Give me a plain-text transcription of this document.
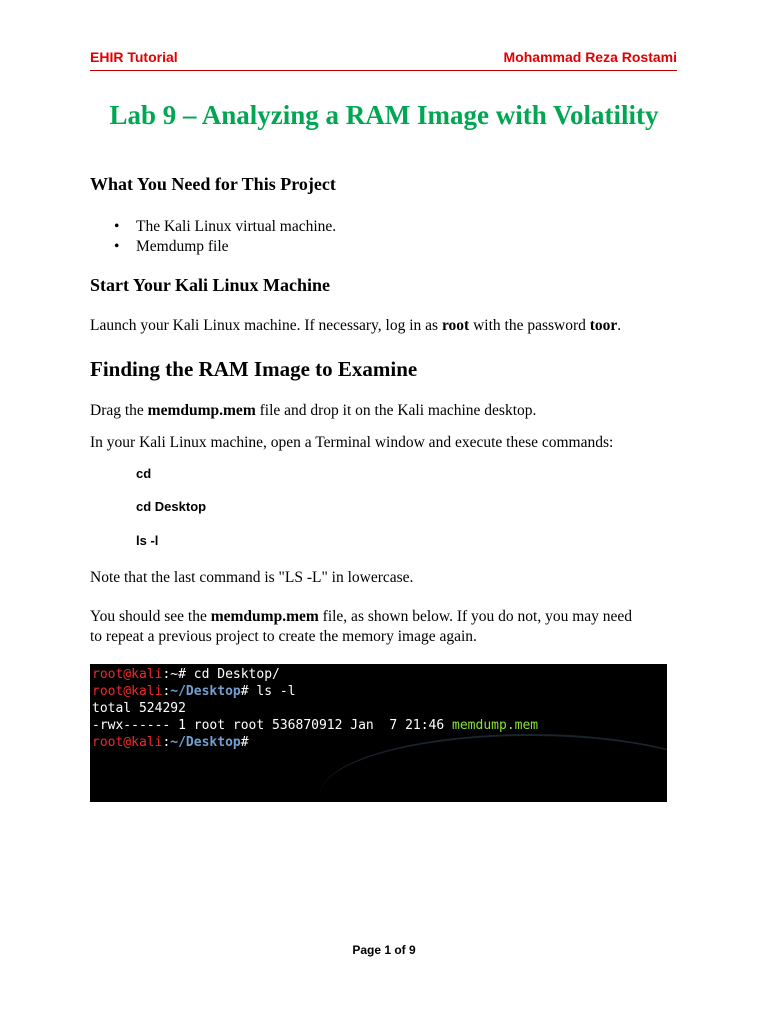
EHIR Tutorial	Mohammad Reza Rostami
Lab 9 – Analyzing a RAM Image with Volatility
What You Need for This Project
• The Kali Linux virtual machine.
• Memdump file
Start Your Kali Linux Machine
Launch your Kali Linux machine. If necessary, log in as root with the password toor.
Finding the RAM Image to Examine
Drag the memdump.mem file and drop it on the Kali machine desktop.
In your Kali Linux machine, open a Terminal window and execute these commands:
cd
cd Desktop
ls -l
Note that the last command is "LS -L" in lowercase.
You should see the memdump.mem file, as shown below. If you do not, you may need
to repeat a previous project to create the memory image again.
root@kali:~# cd Desktop/
root@kali:~/Desktop# ls -l
total 524292
-rwx------ 1 root root 536870912 Jan  7 21:46 memdump.mem
root@kali:~/Desktop#
Page 1 of 9
